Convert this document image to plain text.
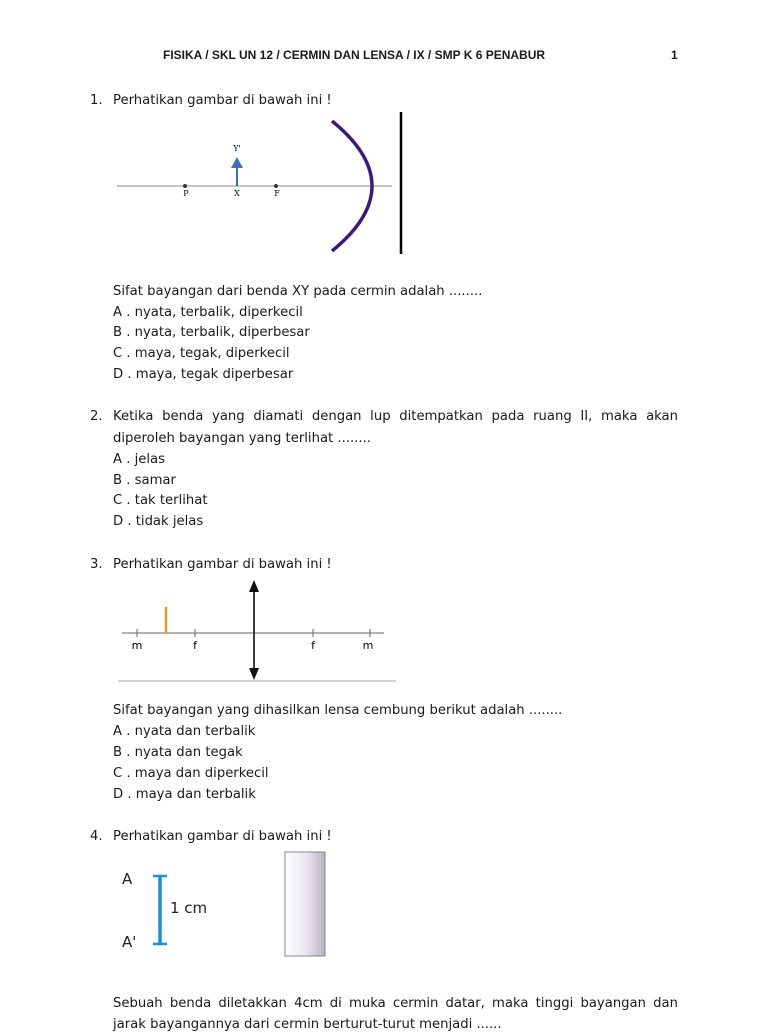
FISIKA / SKL UN 12 / CERMIN DAN LENSA / IX / SMP K 6 PENABUR	1
1. Perhatikan gambar di bawah ini !
Y'
P	X	F
Sifat bayangan dari benda XY pada cermin adalah ........
A . nyata, terbalik, diperkecil
B . nyata, terbalik, diperbesar
C . maya, tegak, diperkecil
D . maya, tegak diperbesar
2. Ketika benda yang diamati dengan lup ditempatkan pada ruang II, maka akan
diperoleh bayangan yang terlihat ........
A . jelas
B . samar
C . tak terlihat
D . tidak jelas
3. Perhatikan gambar di bawah ini !
m	f	f	m
Sifat bayangan yang dihasilkan lensa cembung berikut adalah ........
A . nyata dan terbalik
B . nyata dan tegak
C . maya dan diperkecil
D . maya dan terbalik
4. Perhatikan gambar di bawah ini !
A
A'
1 cm
Sebuah benda diletakkan 4cm di muka cermin datar, maka tinggi bayangan dan
jarak bayangannya dari cermin berturut-turut menjadi ......
